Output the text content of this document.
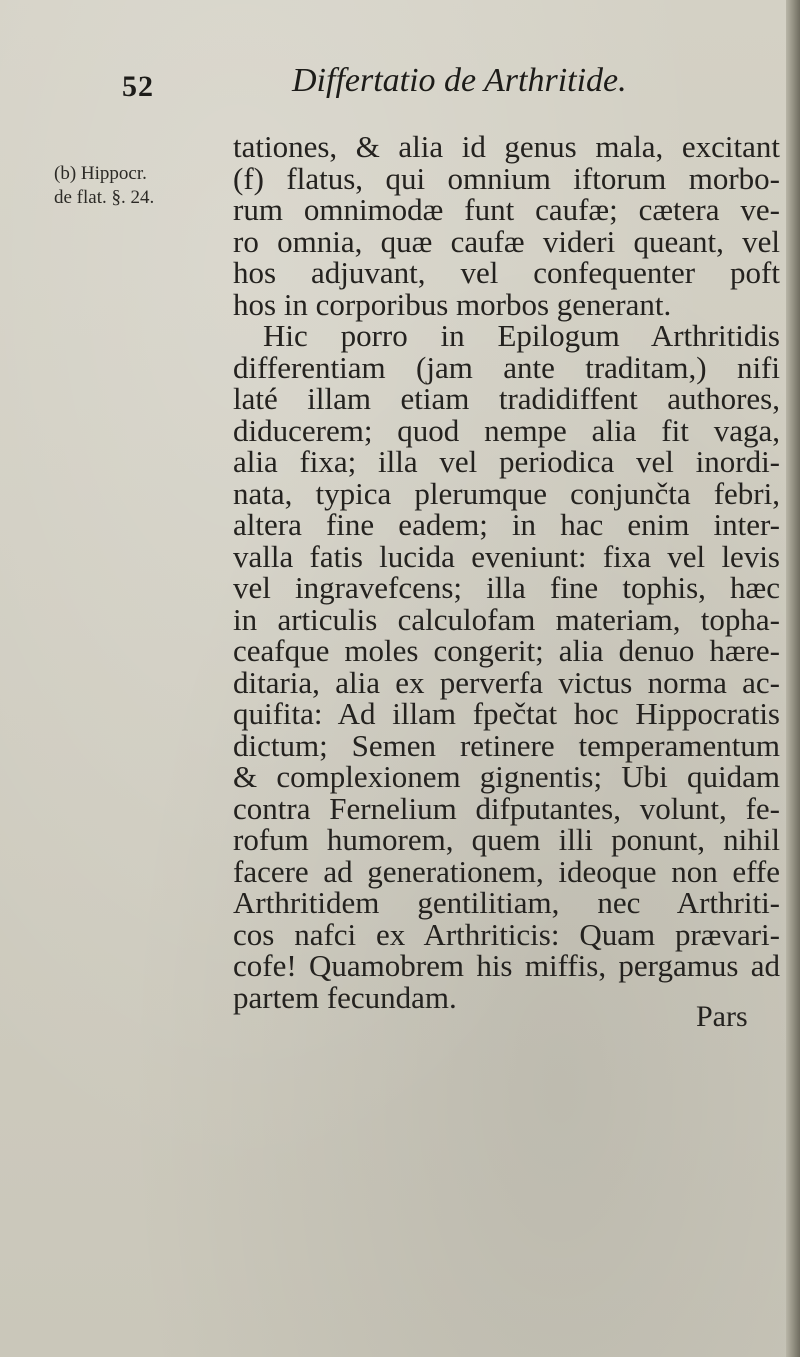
52	Differtatio de Arthritide.
(b) Hippocr.
de flat. §. 24.
tationes, & alia id genus mala, excitant
(f) flatus, qui omnium iftorum morbo-
rum omnimodæ funt caufæ; cætera ve-
ro omnia, quæ caufæ videri queant, vel
hos adjuvant, vel confequenter poft
hos in corporibus morbos generant.
Hic porro in Epilogum Arthritidis
differentiam (jam ante traditam,) nifi
laté illam etiam tradidiffent authores,
diducerem; quod nempe alia fit vaga,
alia fixa; illa vel periodica vel inordi-
nata, typica plerumque conjunčta febri,
altera fine eadem; in hac enim inter-
valla fatis lucida eveniunt: fixa vel levis
vel ingravefcens; illa fine tophis, hæc
in articulis calculofam materiam, topha-
ceafque moles congerit; alia denuo hære-
ditaria, alia ex perverfa victus norma ac-
quifita: Ad illam fpečtat hoc Hippocratis
dictum; Semen retinere temperamentum
& complexionem gignentis; Ubi quidam
contra Fernelium difputantes, volunt, fe-
rofum humorem, quem illi ponunt, nihil
facere ad generationem, ideoque non effe
Arthritidem gentilitiam, nec Arthriti-
cos nafci ex Arthriticis: Quam prævari-
cofe! Quamobrem his miffis, pergamus ad
partem fecundam.
Pars
